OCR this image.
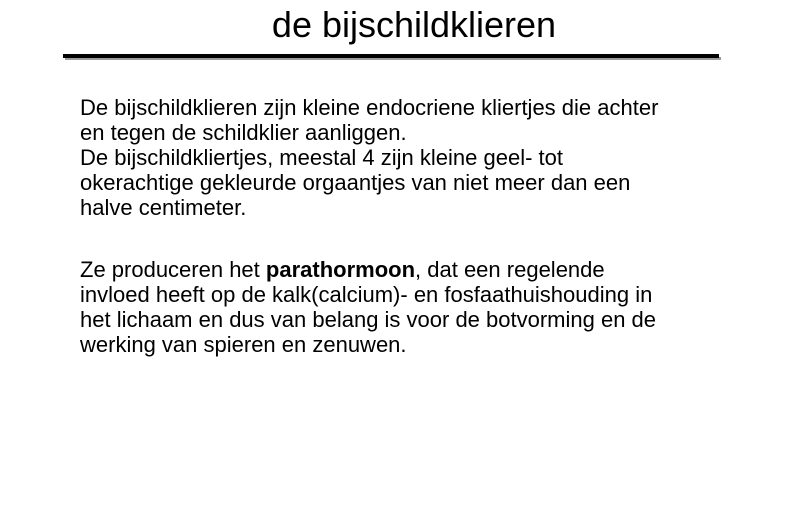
de bijschildklieren
De bijschildklieren zijn kleine endocriene kliertjes die achter
en tegen de schildklier aanliggen.
De bijschildkliertjes, meestal 4 zijn kleine geel- tot
okerachtige gekleurde orgaantjes van niet meer dan een
halve centimeter.
Ze produceren het parathormoon, dat een regelende
invloed heeft op de kalk(calcium)- en fosfaathuishouding in
het lichaam en dus van belang is voor de botvorming en de
werking van spieren en zenuwen.
